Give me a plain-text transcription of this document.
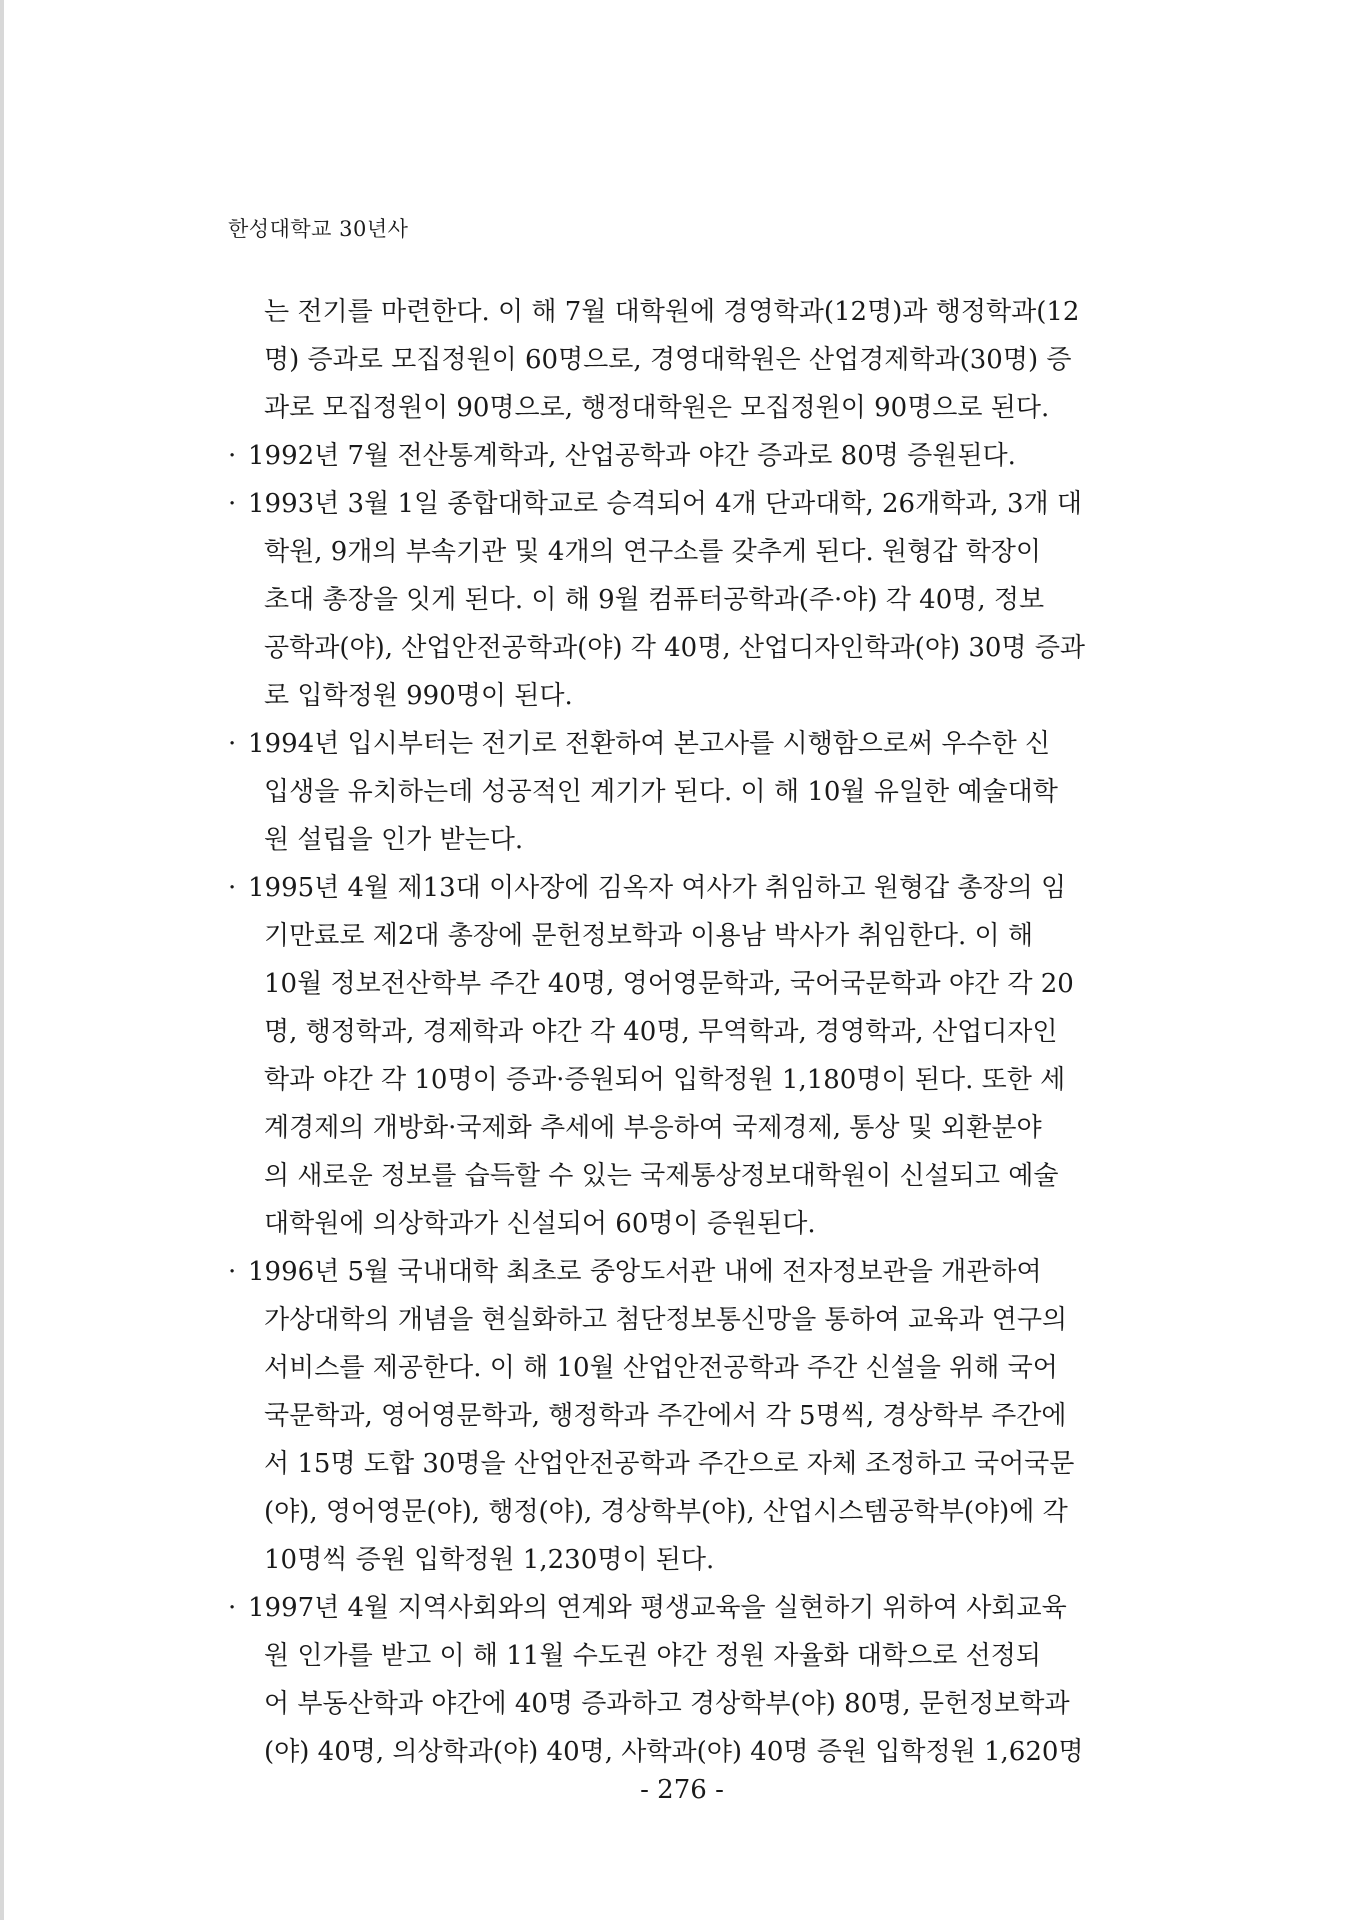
한성대학교 30년사
는 전기를 마련한다. 이 해 7월 대학원에 경영학과(12명)과 행정학과(12
명) 증과로 모집정원이 60명으로, 경영대학원은 산업경제학과(30명) 증
과로 모집정원이 90명으로, 행정대학원은 모집정원이 90명으로 된다.
· 1992년 7월 전산통계학과, 산업공학과 야간 증과로 80명 증원된다.
· 1993년 3월 1일 종합대학교로 승격되어 4개 단과대학, 26개학과, 3개 대
학원, 9개의 부속기관 및 4개의 연구소를 갖추게 된다. 원형갑 학장이
초대 총장을 잇게 된다. 이 해 9월 컴퓨터공학과(주·야) 각 40명, 정보
공학과(야), 산업안전공학과(야) 각 40명, 산업디자인학과(야) 30명 증과
로 입학정원 990명이 된다.
· 1994년 입시부터는 전기로 전환하여 본고사를 시행함으로써 우수한 신
입생을 유치하는데 성공적인 계기가 된다. 이 해 10월 유일한 예술대학
원 설립을 인가 받는다.
· 1995년 4월 제13대 이사장에 김옥자 여사가 취임하고 원형갑 총장의 임
기만료로 제2대 총장에 문헌정보학과 이용남 박사가 취임한다. 이 해
10월 정보전산학부 주간 40명, 영어영문학과, 국어국문학과 야간 각 20
명, 행정학과, 경제학과 야간 각 40명, 무역학과, 경영학과, 산업디자인
학과 야간 각 10명이 증과·증원되어 입학정원 1,180명이 된다. 또한 세
계경제의 개방화·국제화 추세에 부응하여 국제경제, 통상 및 외환분야
의 새로운 정보를 습득할 수 있는 국제통상정보대학원이 신설되고 예술
대학원에 의상학과가 신설되어 60명이 증원된다.
· 1996년 5월 국내대학 최초로 중앙도서관 내에 전자정보관을 개관하여
가상대학의 개념을 현실화하고 첨단정보통신망을 통하여 교육과 연구의
서비스를 제공한다. 이 해 10월 산업안전공학과 주간 신설을 위해 국어
국문학과, 영어영문학과, 행정학과 주간에서 각 5명씩, 경상학부 주간에
서 15명 도합 30명을 산업안전공학과 주간으로 자체 조정하고 국어국문
(야), 영어영문(야), 행정(야), 경상학부(야), 산업시스템공학부(야)에 각
10명씩 증원 입학정원 1,230명이 된다.
· 1997년 4월 지역사회와의 연계와 평생교육을 실현하기 위하여 사회교육
원 인가를 받고 이 해 11월 수도권 야간 정원 자율화 대학으로 선정되
어 부동산학과 야간에 40명 증과하고 경상학부(야) 80명, 문헌정보학과
(야) 40명, 의상학과(야) 40명, 사학과(야) 40명 증원 입학정원 1,620명
- 276 -
